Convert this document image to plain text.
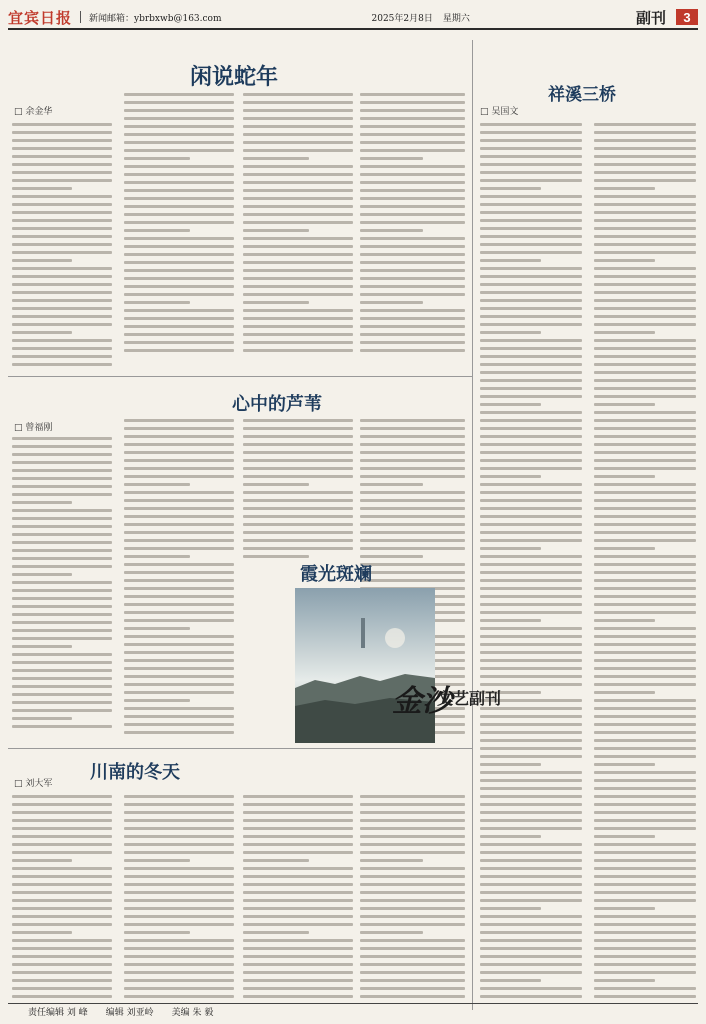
宜宾日报 新闻邮箱：ybrbxwb@163.com	2025年2月8日 星期六	副刊	3
闲说蛇年
□ 余金华
祥溪三桥
□ 吴国文
心中的芦苇
□ 曾福刚
川南的冬天
□ 刘大军
霞光斑斓
金沙
文艺副刊
责任编辑 刘 峰 编辑 刘亚岭 美编 朱 毅
